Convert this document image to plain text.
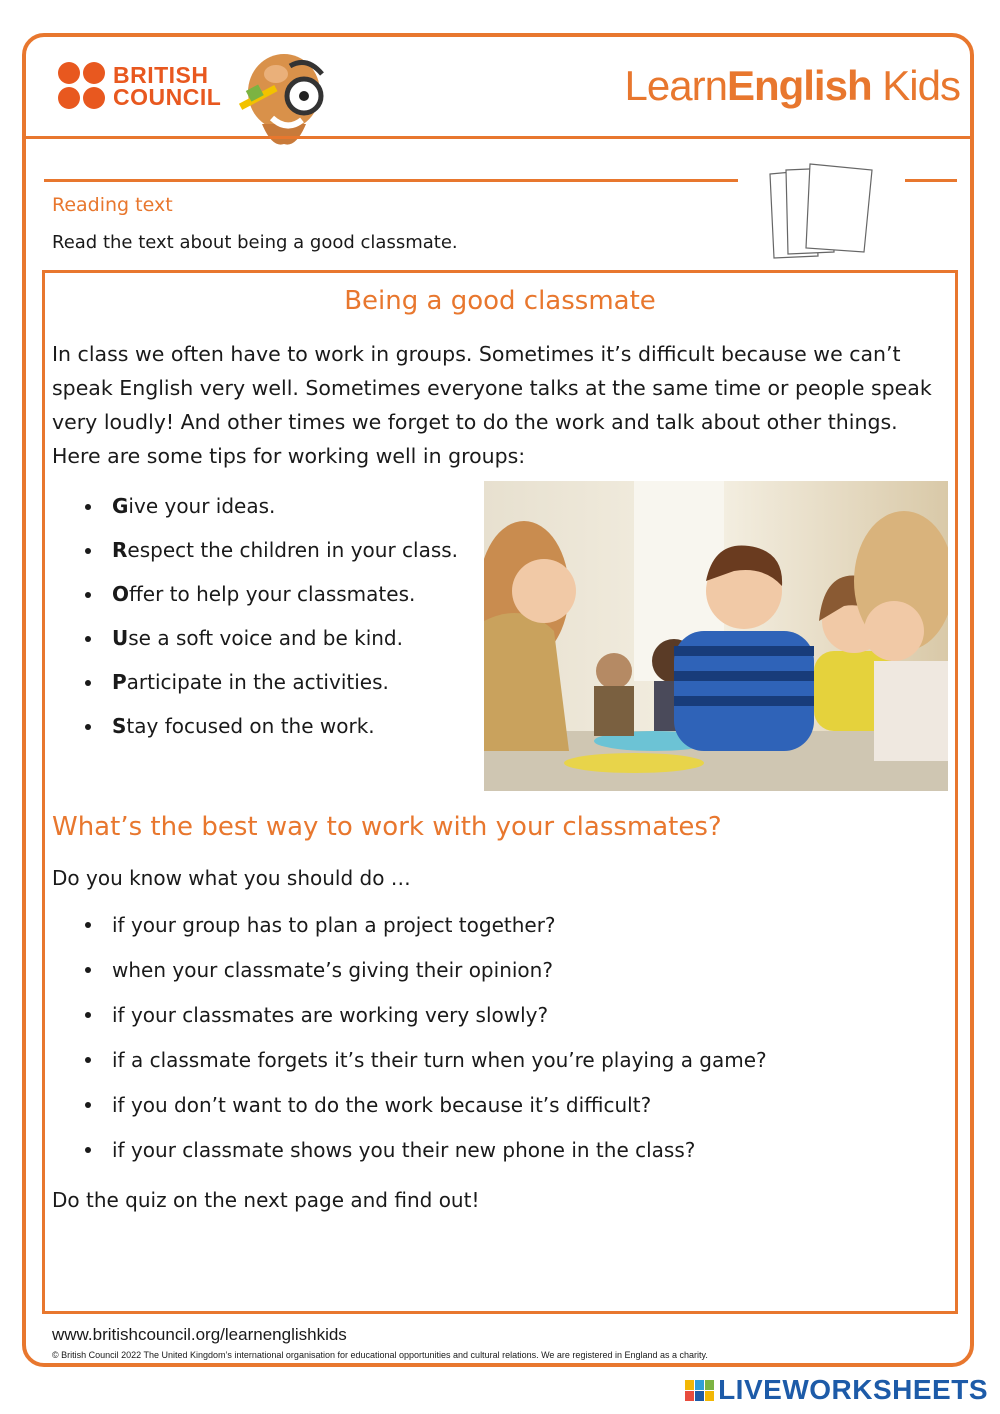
BRITISH
COUNCIL	LearnEnglish Kids
Reading text
Read the text about being a good classmate.
Being a good classmate
In class we often have to work in groups. Sometimes it’s difficult because we can’t speak English very well. Sometimes everyone talks at the same time or people speak very loudly! And other times we forget to do the work and talk about other things. Here are some tips for working well in groups:
Give your ideas.
Respect the children in your class.
Offer to help your classmates.
Use a soft voice and be kind.
Participate in the activities.
Stay focused on the work.
What’s the best way to work with your classmates?
Do you know what you should do …
if your group has to plan a project together?
when your classmate’s giving their opinion?
if your classmates are working very slowly?
if a classmate forgets it’s their turn when you’re playing a game?
if you don’t want to do the work because it’s difficult?
if your classmate shows you their new phone in the class?
Do the quiz on the next page and find out!
www.britishcouncil.org/learnenglishkids
© British Council 2022 The United Kingdom’s international organisation for educational opportunities and cultural relations. We are registered in England as a charity.
LIVEWORKSHEETS
